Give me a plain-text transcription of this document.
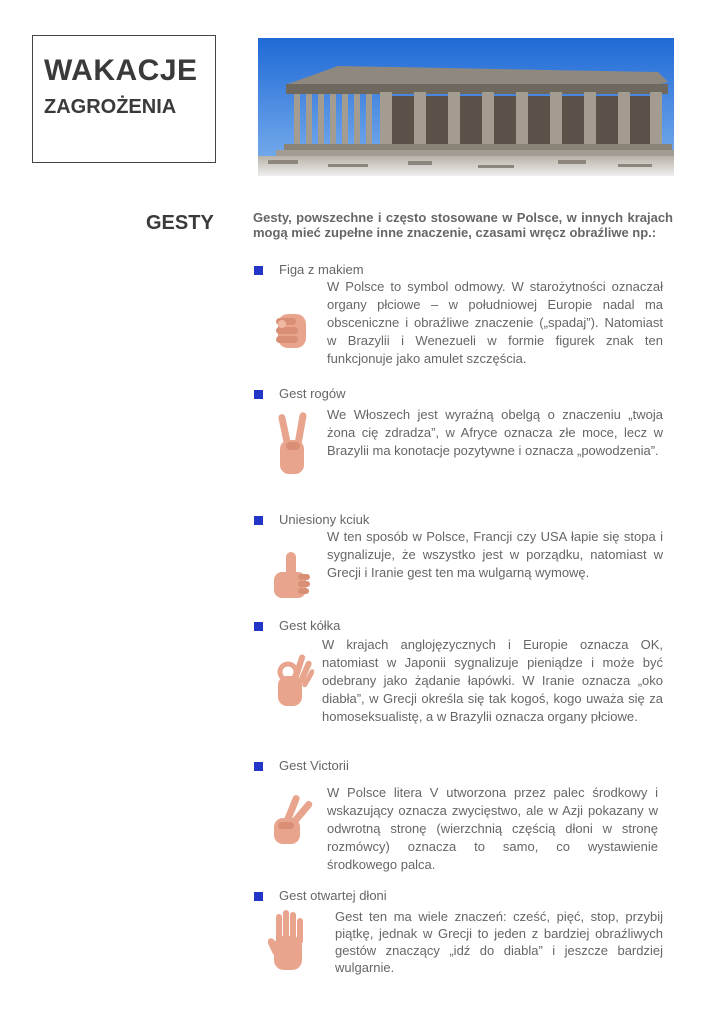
WAKACJE
ZAGROŻENIA
GESTY	Gesty, powszechne i często stosowane w Polsce, w innych krajach mogą mieć zupełne inne znaczenie, czasami wręcz obraźliwe np.:
Figa z makiem
W Polsce to symbol odmowy. W starożytności oznaczał organy płciowe – w południowej Europie nadal ma obsceniczne i obraźliwe znaczenie („spadaj”). Natomiast w Brazylii i Wenezueli w formie figurek znak ten funkcjonuje jako amulet szczęścia.
Gest rogów
We Włoszech jest wyraźną obelgą o znaczeniu „twoja żona cię zdradza”, w Afryce oznacza złe moce, lecz w Brazylii ma konotacje pozytywne i oznacza „powodzenia”.
Uniesiony kciuk
W ten sposób w Polsce, Francji czy USA łapie się stopa i sygnalizuje, że wszystko jest w porządku, natomiast w Grecji i Iranie gest ten ma wulgarną wymowę.
Gest kółka
W krajach anglojęzycznych i Europie oznacza OK, natomiast w Japonii sygnalizuje pieniądze i może być odebrany jako żądanie łapówki. W Iranie oznacza „oko diabła”, w Grecji określa się tak kogoś, kogo uważa się za homoseksualistę, a w Brazylii oznacza organy płciowe.
Gest Victorii
W Polsce litera V utworzona przez palec środkowy i wskazujący oznacza zwycięstwo, ale w Azji pokazany w odwrotną stronę (wierzchnią częścią dłoni w stronę rozmówcy) oznacza to samo, co wystawienie środkowego palca.
Gest otwartej dłoni
Gest ten ma wiele znaczeń: cześć, pięć, stop, przybij piątkę, jednak w Grecji to jeden z bardziej obraźliwych gestów znaczący „idź do diabla” i jeszcze bardziej wulgarnie.
